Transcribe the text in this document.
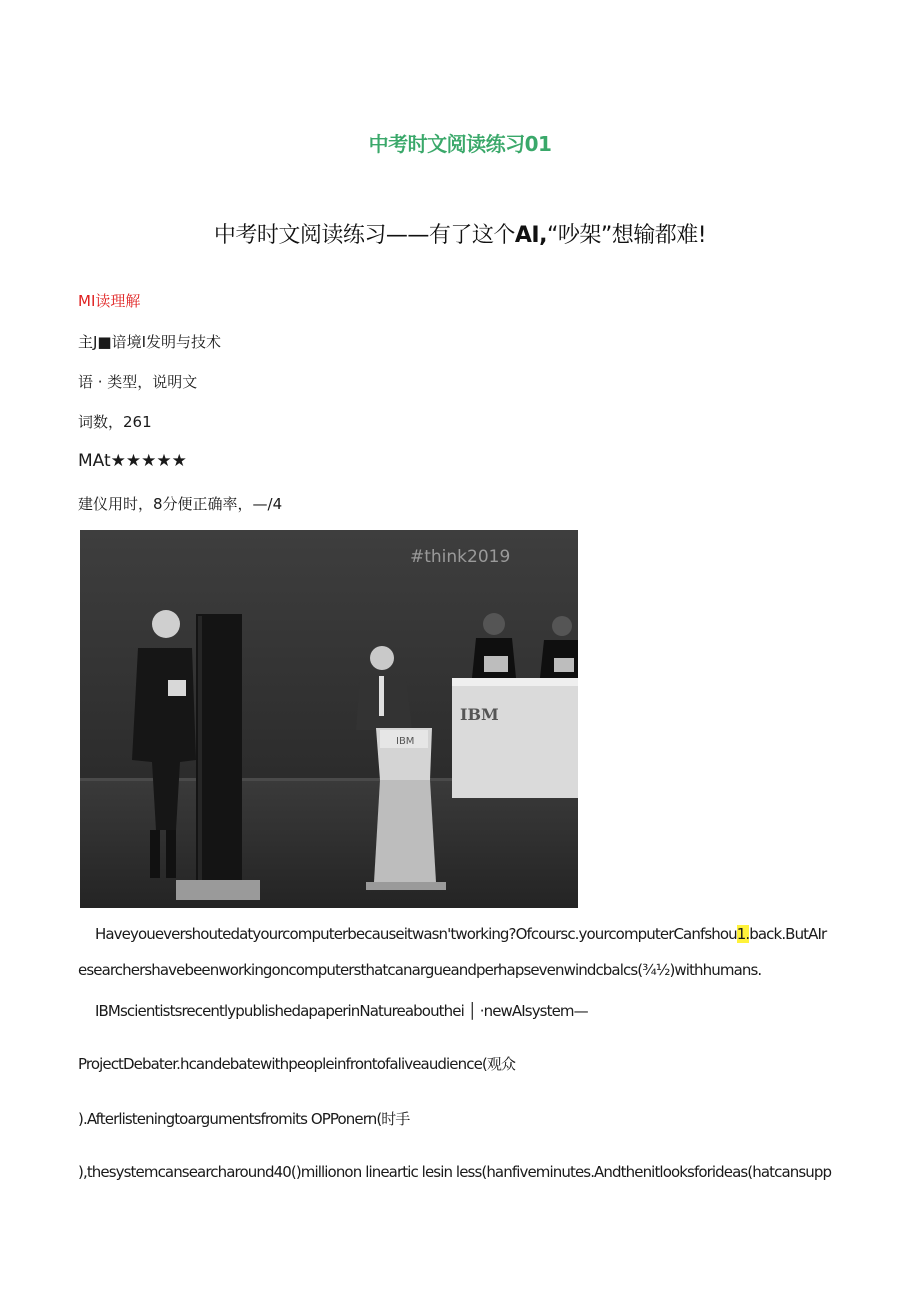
中考时文阅读练习01
中考时文阅读练习——有了这个AI,“吵架”想输都难!
MI读理解
主J■谙境I发明与技术
语 · 类型，说明文
词数，261
MAt★★★★★
建仪用时，8分便正确率，—/4
#think2019
IBM
IBM
Haveyouevershoutedatyourcomputerbecauseitwasn'tworking?Ofcoursc.yourcomputerCanfshou1.back.ButAIr
esearchershavebeenworkingoncomputersthatcanargueandperhapsevenwindcbalcs(¾½)withhumans.
IBMscientistsrecentlypublishedapaperinNatureabouthei │ ·newAIsystem—
ProjectDebater.hcandebatewithpeopleinfrontofaliveaudience(观众
).Afterlisteningtoargumentsfromits OPPonern(时手
),thesystemcansearcharound40()millionon lineartic lesin less(hanfiveminutes.Andthenitlooksforideas(hatcansupp
